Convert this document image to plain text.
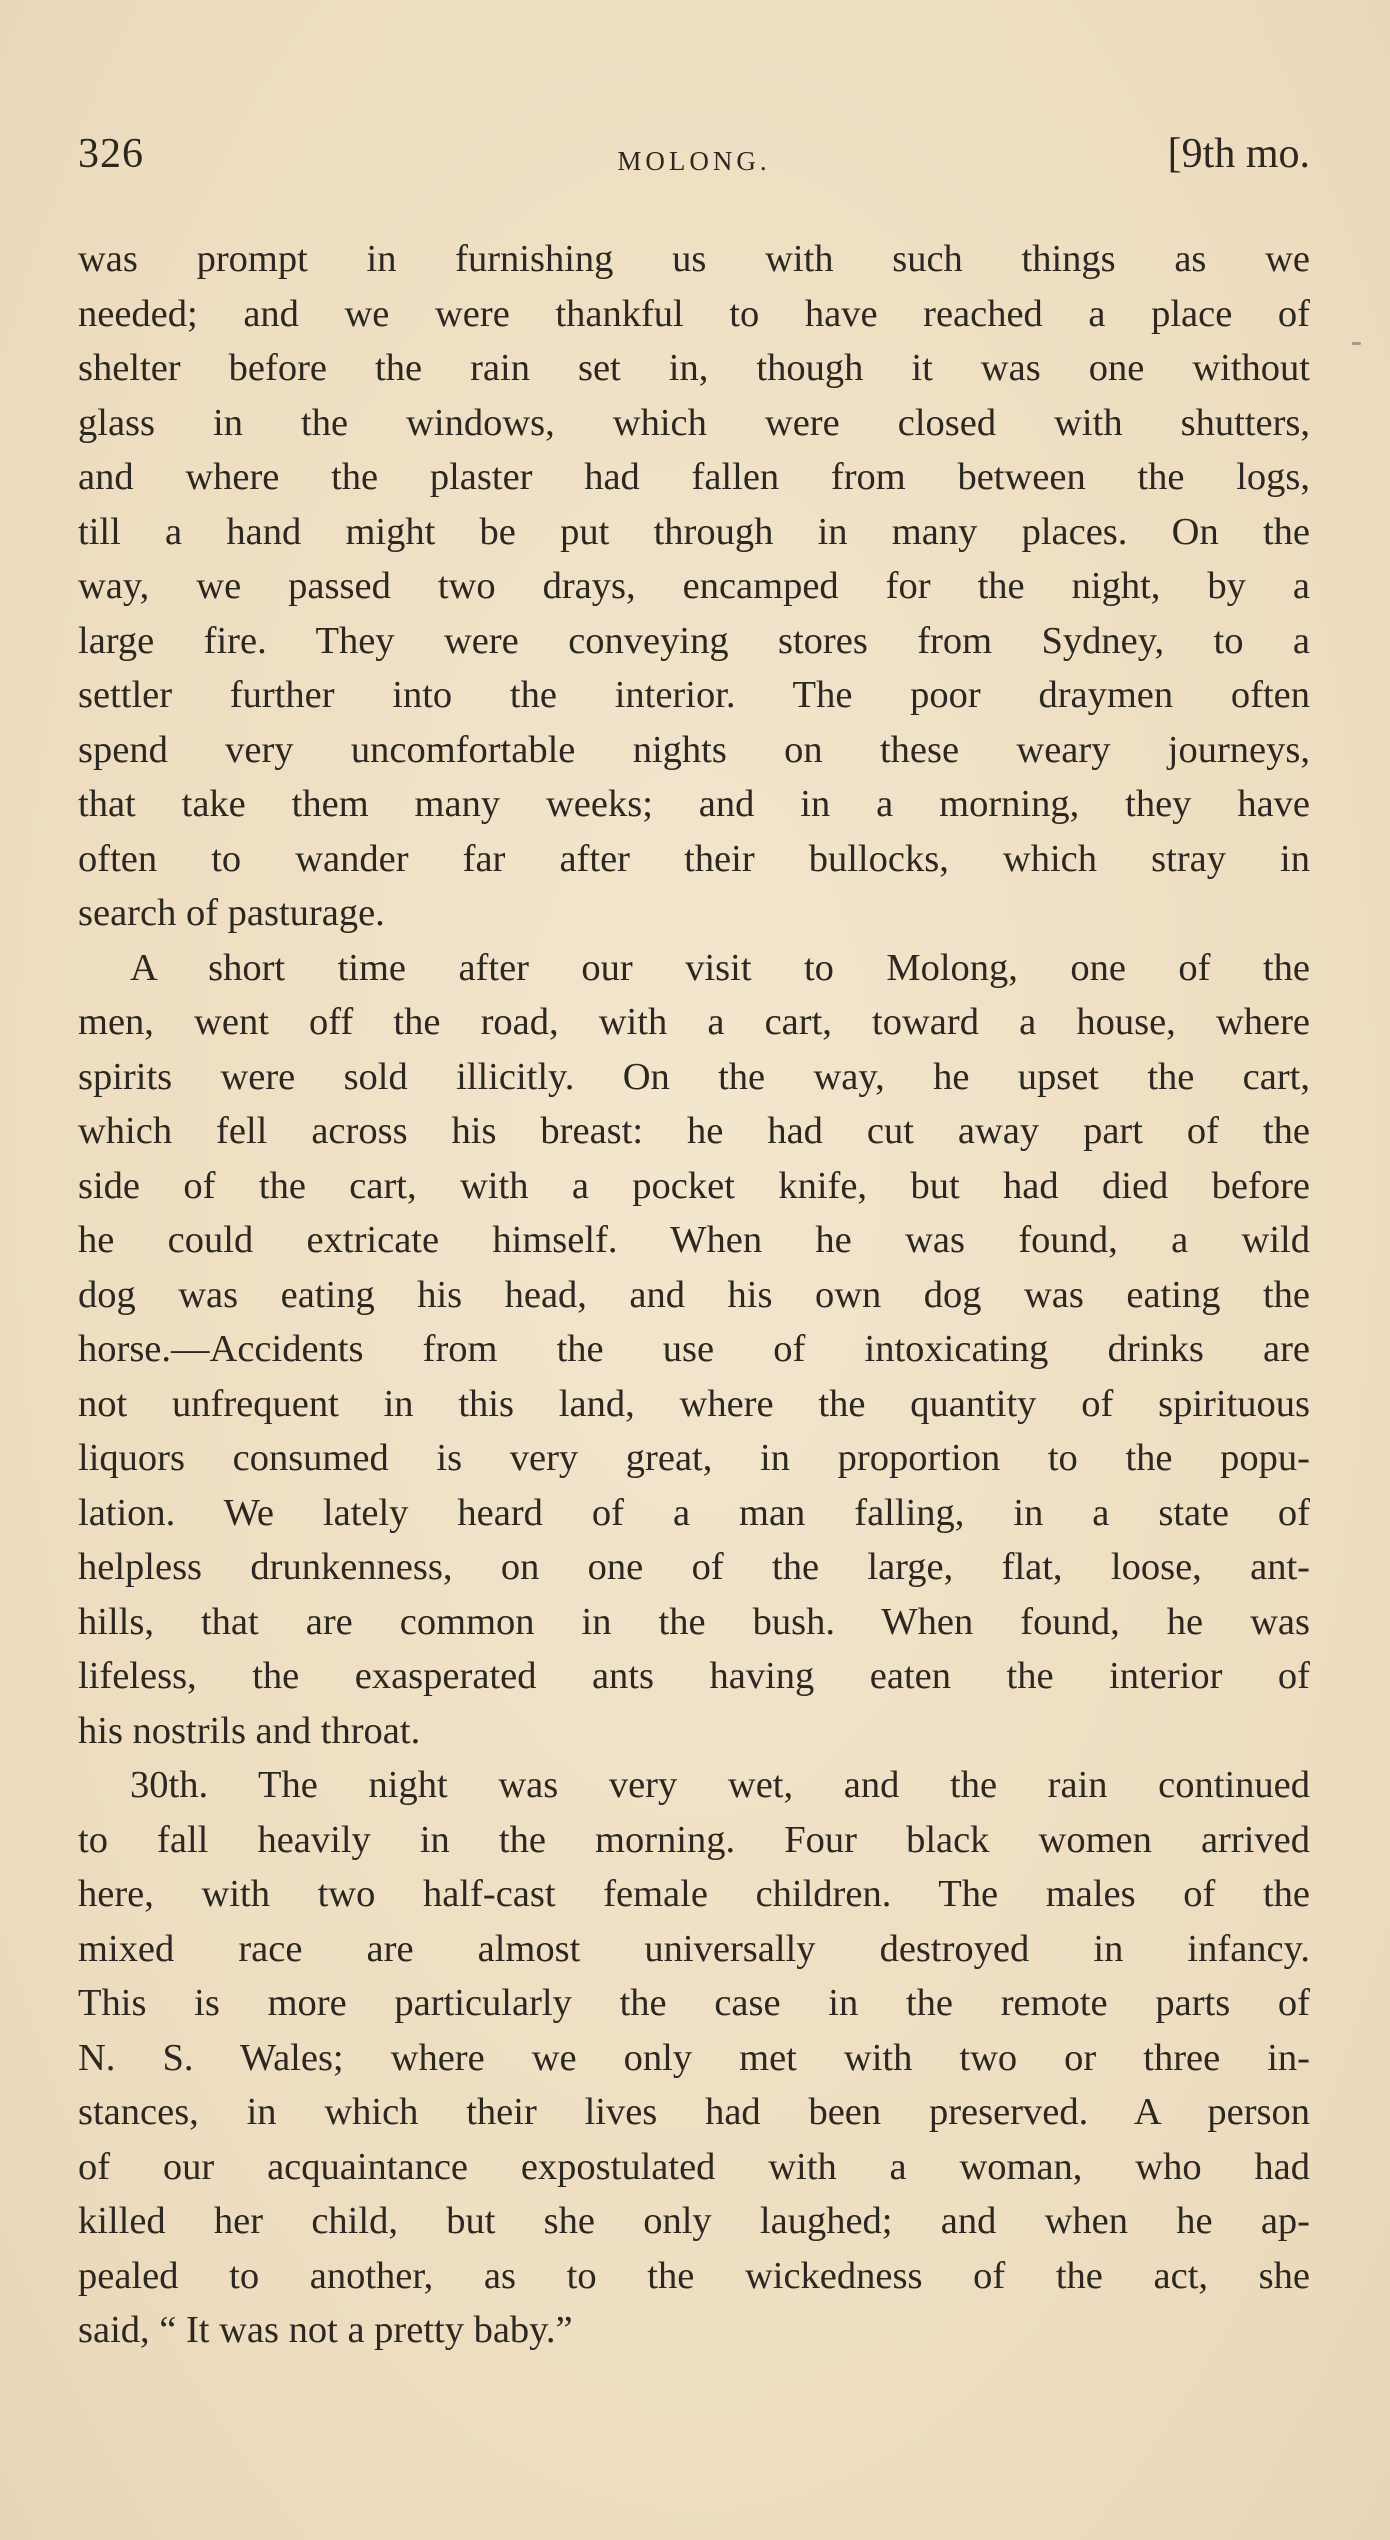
326	MOLONG.	[9th mo.
was prompt in furnishing us with such things as we
needed; and we were thankful to have reached a place of
shelter before the rain set in, though it was one without
glass in the windows, which were closed with shutters,
and where the plaster had fallen from between the logs,
till a hand might be put through in many places. On the
way, we passed two drays, encamped for the night, by a
large fire. They were conveying stores from Sydney, to a
settler further into the interior. The poor draymen often
spend very uncomfortable nights on these weary journeys,
that take them many weeks; and in a morning, they have
often to wander far after their bullocks, which stray in
search of pasturage.
A short time after our visit to Molong, one of the
men, went off the road, with a cart, toward a house, where
spirits were sold illicitly. On the way, he upset the cart,
which fell across his breast: he had cut away part of the
side of the cart, with a pocket knife, but had died before
he could extricate himself. When he was found, a wild
dog was eating his head, and his own dog was eating the
horse.—Accidents from the use of intoxicating drinks are
not unfrequent in this land, where the quantity of spirituous
liquors consumed is very great, in proportion to the popu-
lation. We lately heard of a man falling, in a state of
helpless drunkenness, on one of the large, flat, loose, ant-
hills, that are common in the bush. When found, he was
lifeless, the exasperated ants having eaten the interior of
his nostrils and throat.
30th. The night was very wet, and the rain continued
to fall heavily in the morning. Four black women arrived
here, with two half-cast female children. The males of the
mixed race are almost universally destroyed in infancy.
This is more particularly the case in the remote parts of
N. S. Wales; where we only met with two or three in-
stances, in which their lives had been preserved. A person
of our acquaintance expostulated with a woman, who had
killed her child, but she only laughed; and when he ap-
pealed to another, as to the wickedness of the act, she
said, “ It was not a pretty baby.”
